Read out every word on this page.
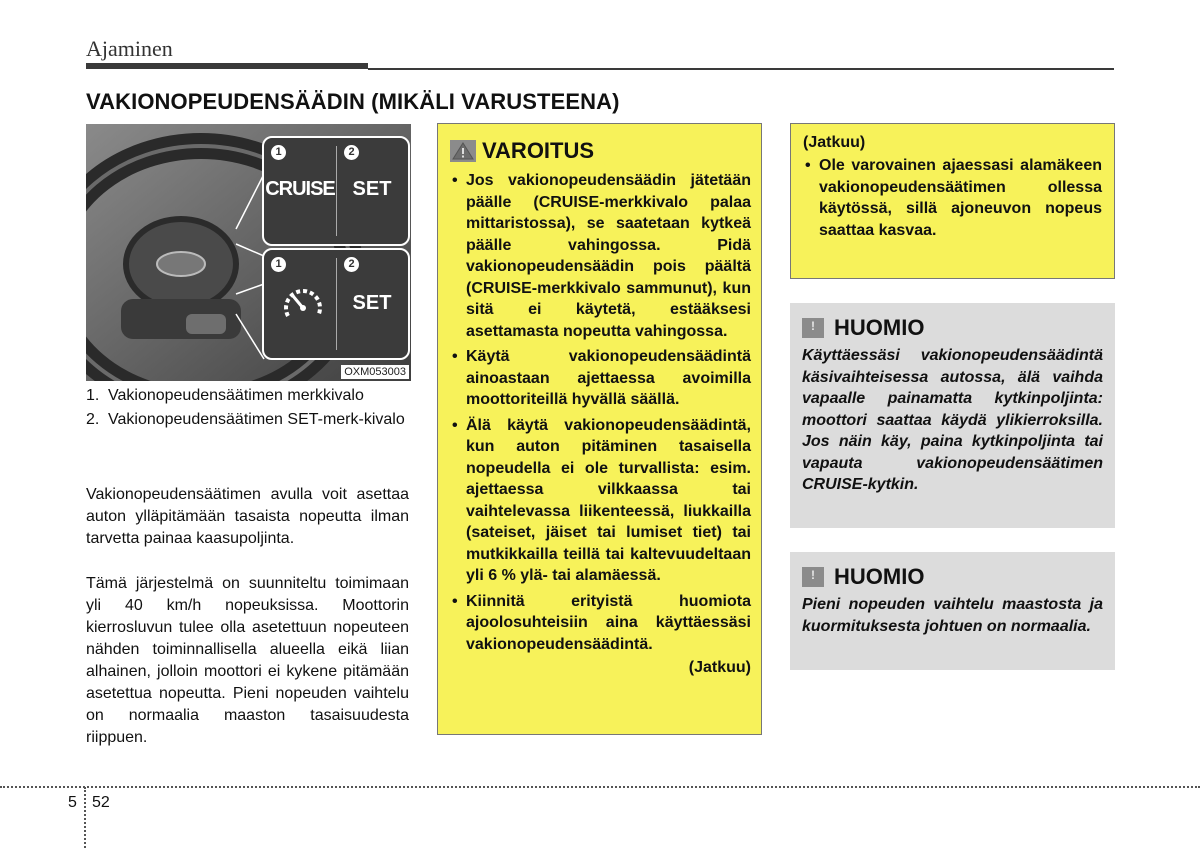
Ajaminen
VAKIONOPEUDENSÄÄDIN (MIKÄLI VARUSTEENA)
1	2
CRUISE SET
1	2
SET
OXM053003
1. Vakionopeudensäätimen merkkivalo
2. Vakionopeudensäätimen SET-merk-kivalo
Vakionopeudensäätimen avulla voit asettaa auton ylläpitämään tasaista nopeutta ilman tarvetta painaa kaasupoljinta.
Tämä järjestelmä on suunniteltu toimimaan yli 40 km/h nopeuksissa. Moottorin kierrosluvun tulee olla asetettuun nopeuteen nähden toiminnallisella alueella eikä liian alhainen, jolloin moottori ei kykene pitämään asetettua nopeutta. Pieni nopeuden vaihtelu on normaalia maaston tasaisuudesta riippuen.
VAROITUS
• Jos vakionopeudensäädin jätetään päälle (CRUISE-merkkivalo palaa mittaristossa), se saatetaan kytkeä päälle vahingossa. Pidä vakionopeudensäädin pois päältä (CRUISE-merkkivalo sammunut), kun sitä ei käytetä, estääksesi asettamasta nopeutta vahingossa.
• Käytä vakionopeudensäädintä ainoastaan ajettaessa avoimilla moottoriteillä hyvällä säällä.
• Älä käytä vakionopeudensäädintä, kun auton pitäminen tasaisella nopeudella ei ole turvallista: esim. ajettaessa vilkkaassa tai vaihtelevassa liikenteessä, liukkailla (sateiset, jäiset tai lumiset tiet) tai mutkikkailla teillä tai kaltevuudeltaan yli 6 % ylä- tai alamäessä.
• Kiinnitä erityistä huomiota ajoolosuhteisiin aina käyttäessäsi vakionopeudensäädintä.
(Jatkuu)
(Jatkuu)
• Ole varovainen ajaessasi alamäkeen vakionopeudensäätimen ollessa käytössä, sillä ajoneuvon nopeus saattaa kasvaa.
! HUOMIO
Käyttäessäsi vakionopeudensäädintä käsivaihteisessa autossa, älä vaihda vapaalle painamatta kytkinpoljinta: moottori saattaa käydä ylikierroksilla. Jos näin käy, paina kytkinpoljinta tai vapauta vakionopeudensäätimen CRUISE-kytkin.
! HUOMIO
Pieni nopeuden vaihtelu maastosta ja kuormituksesta johtuen on normaalia.
5 52
